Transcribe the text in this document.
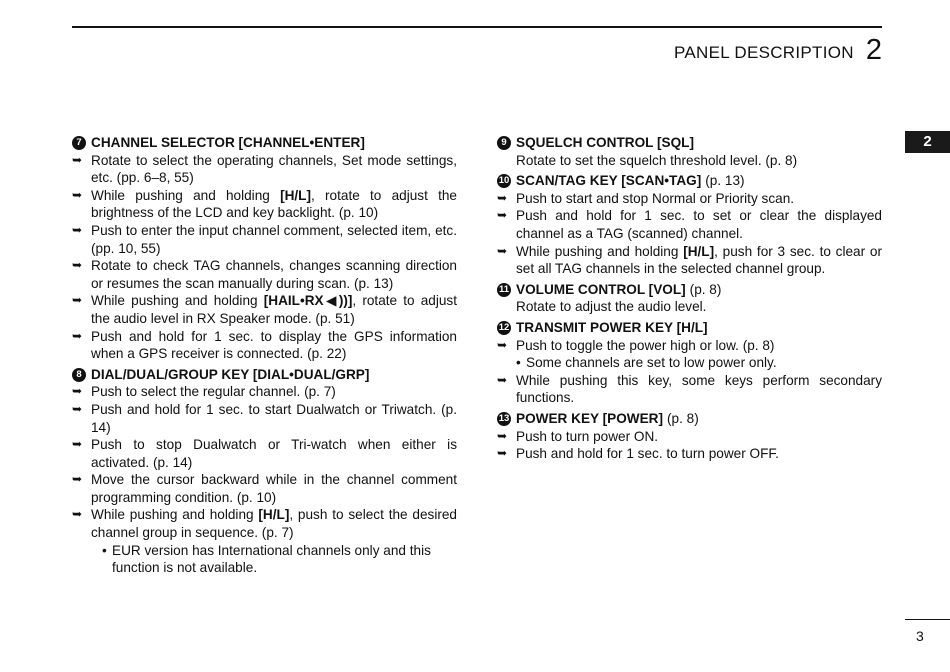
PANEL DESCRIPTION 2
2
7 CHANNEL SELECTOR [CHANNEL•ENTER]
➥ Rotate to select the operating channels, Set mode settings, etc. (pp. 6–8, 55)
➥ While pushing and holding [H/L], rotate to adjust the brightness of the LCD and key backlight. (p. 10)
➥ Push to enter the input channel comment, selected item, etc. (pp. 10, 55)
➥ Rotate to check TAG channels, changes scanning direction or resumes the scan manually during scan. (p. 13)
➥ While pushing and holding [HAIL•RX◀))], rotate to adjust the audio level in RX Speaker mode. (p. 51)
➥ Push and hold for 1 sec. to display the GPS information when a GPS receiver is connected. (p. 22)
8 DIAL/DUAL/GROUP KEY [DIAL•DUAL/GRP]
➥ Push to select the regular channel. (p. 7)
➥ Push and hold for 1 sec. to start Dualwatch or Triwatch. (p. 14)
➥ Push to stop Dualwatch or Tri-watch when either is activated. (p. 14)
➥ Move the cursor backward while in the channel comment programming condition. (p. 10)
➥ While pushing and holding [H/L], push to select the desired channel group in sequence. (p. 7)
• EUR version has International channels only and this function is not available.
9 SQUELCH CONTROL [SQL]
Rotate to set the squelch threshold level. (p. 8)
10 SCAN/TAG KEY [SCAN•TAG] (p. 13)
➥ Push to start and stop Normal or Priority scan.
➥ Push and hold for 1 sec. to set or clear the displayed channel as a TAG (scanned) channel.
➥ While pushing and holding [H/L], push for 3 sec. to clear or set all TAG channels in the selected channel group.
11 VOLUME CONTROL [VOL] (p. 8)
Rotate to adjust the audio level.
12 TRANSMIT POWER KEY [H/L]
➥ Push to toggle the power high or low. (p. 8)
• Some channels are set to low power only.
➥ While pushing this key, some keys perform secondary functions.
13 POWER KEY [POWER] (p. 8)
➥ Push to turn power ON.
➥ Push and hold for 1 sec. to turn power OFF.
3
